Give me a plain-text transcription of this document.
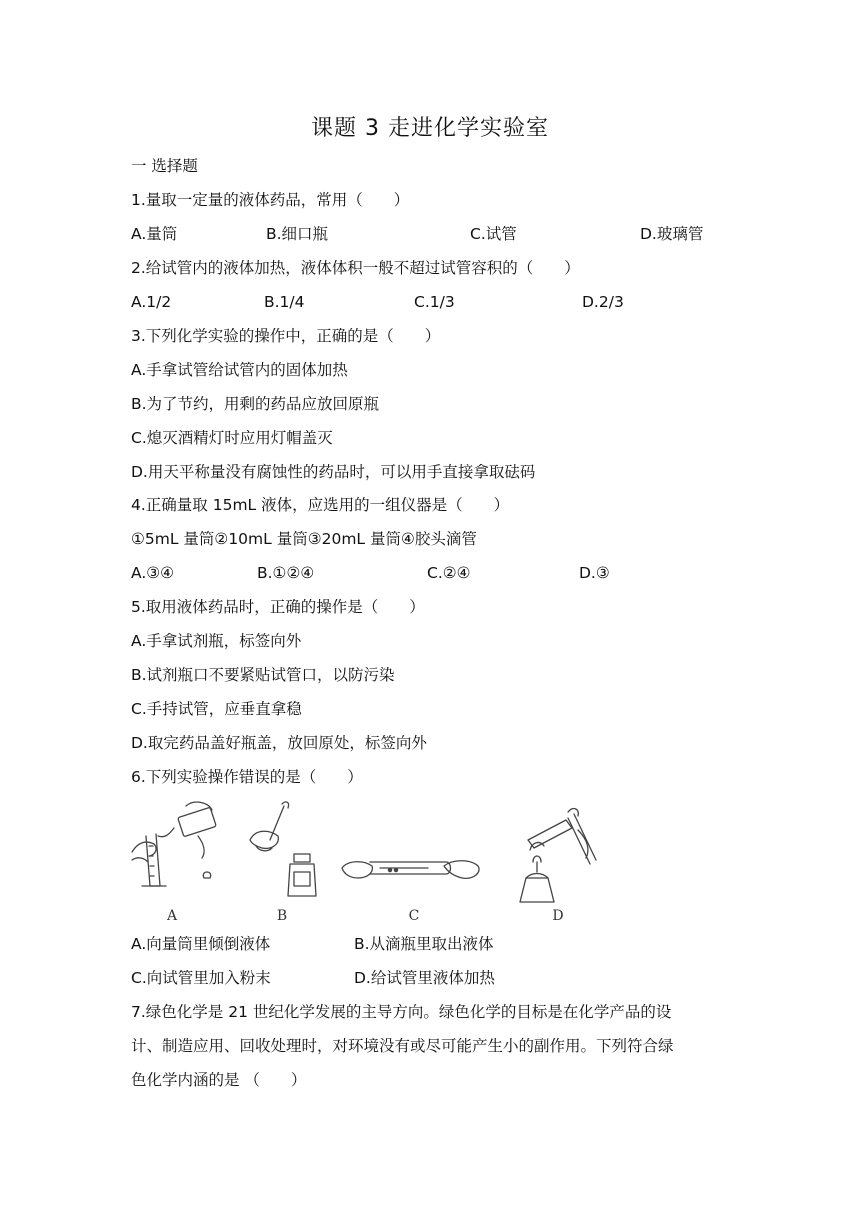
课题 3 走进化学实验室
一 选择题
1.量取一定量的液体药品，常用（　　）
A.量筒	B.细口瓶	C.试管	D.玻璃管
2.给试管内的液体加热，液体体积一般不超过试管容积的（　　）
A.1/2	B.1/4	C.1/3	D.2/3
3.下列化学实验的操作中，正确的是（　　）
A.手拿试管给试管内的固体加热
B.为了节约，用剩的药品应放回原瓶
C.熄灭酒精灯时应用灯帽盖灭
D.用天平称量没有腐蚀性的药品时，可以用手直接拿取砝码
4.正确量取 15mL 液体，应选用的一组仪器是（　　）
①5mL 量筒②10mL 量筒③20mL 量筒④胶头滴管
A.③④	B.①②④	C.②④	D.③
5.取用液体药品时，正确的操作是（　　）
A.手拿试剂瓶，标签向外
B.试剂瓶口不要紧贴试管口，以防污染
C.手持试管，应垂直拿稳
D.取完药品盖好瓶盖，放回原处，标签向外
6.下列实验操作错误的是（　　）
A	B	C	D
A.向量筒里倾倒液体	B.从滴瓶里取出液体
C.向试管里加入粉末	D.给试管里液体加热
7.绿色化学是 21 世纪化学发展的主导方向。绿色化学的目标是在化学产品的设
计、制造应用、回收处理时，对环境没有或尽可能产生小的副作用。下列符合绿
色化学内涵的是 （　　）
